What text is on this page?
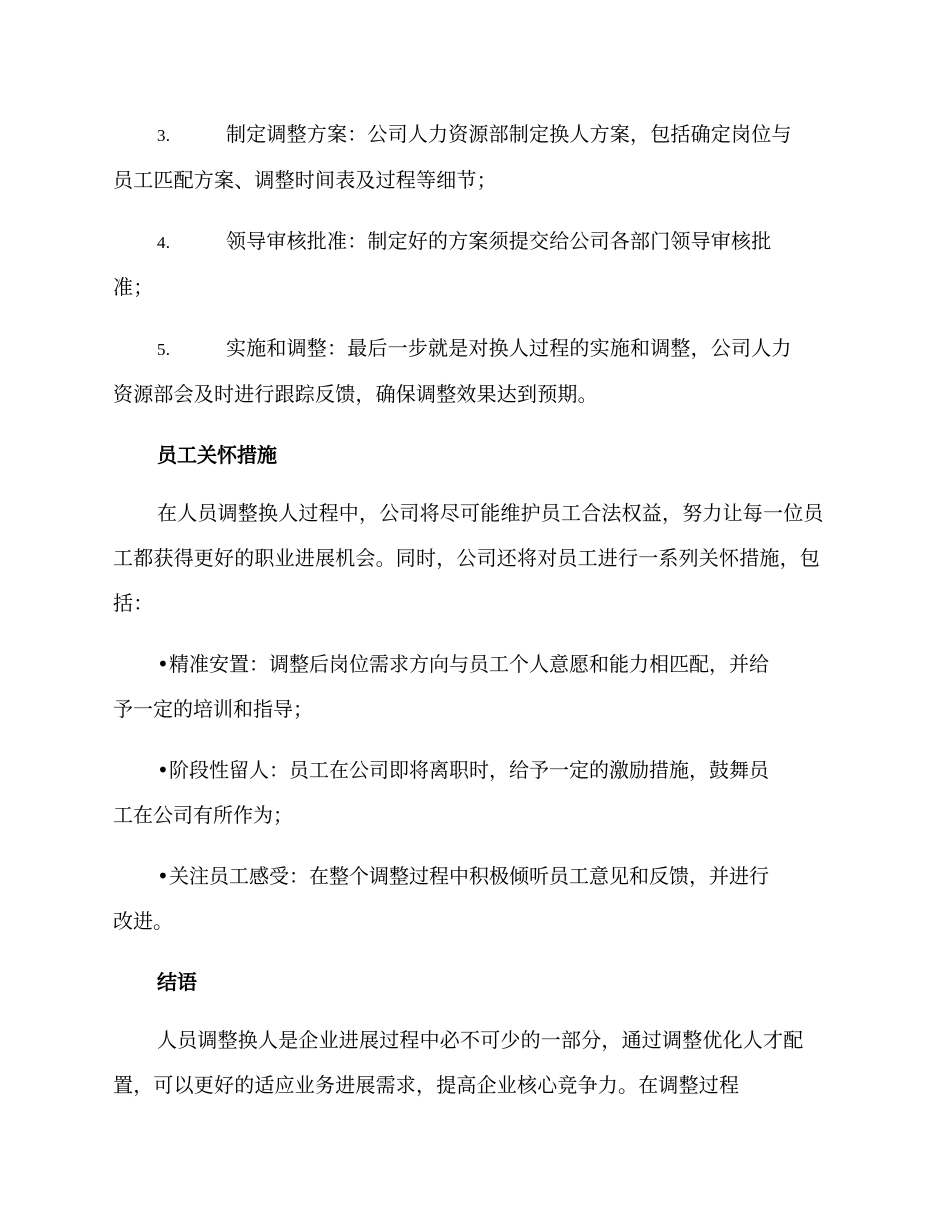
3.	制定调整方案：公司人力资源部制定换人方案，包括确定岗位与
员工匹配方案、调整时间表及过程等细节；
4.	领导审核批准：制定好的方案须提交给公司各部门领导审核批
准；
5.	实施和调整：最后一步就是对换人过程的实施和调整，公司人力
资源部会及时进行跟踪反馈，确保调整效果达到预期。
员工关怀措施

在人员调整换人过程中，公司将尽可能维护员工合法权益，努力让每一位员工都获得更好的职业进展机会。同时，公司还将对员工进行一系列关怀措施，包括：

•精准安置：调整后岗位需求方向与员工个人意愿和能力相匹配，并给
予一定的培训和指导；
•阶段性留人：员工在公司即将离职时，给予一定的激励措施，鼓舞员
工在公司有所作为；
•关注员工感受：在整个调整过程中积极倾听员工意见和反馈，并进行
改进。
结语

人员调整换人是企业进展过程中必不可少的一部分，通过调整优化人才配置，可以更好的适应业务进展需求，提高企业核心竞争力。在调整过程
